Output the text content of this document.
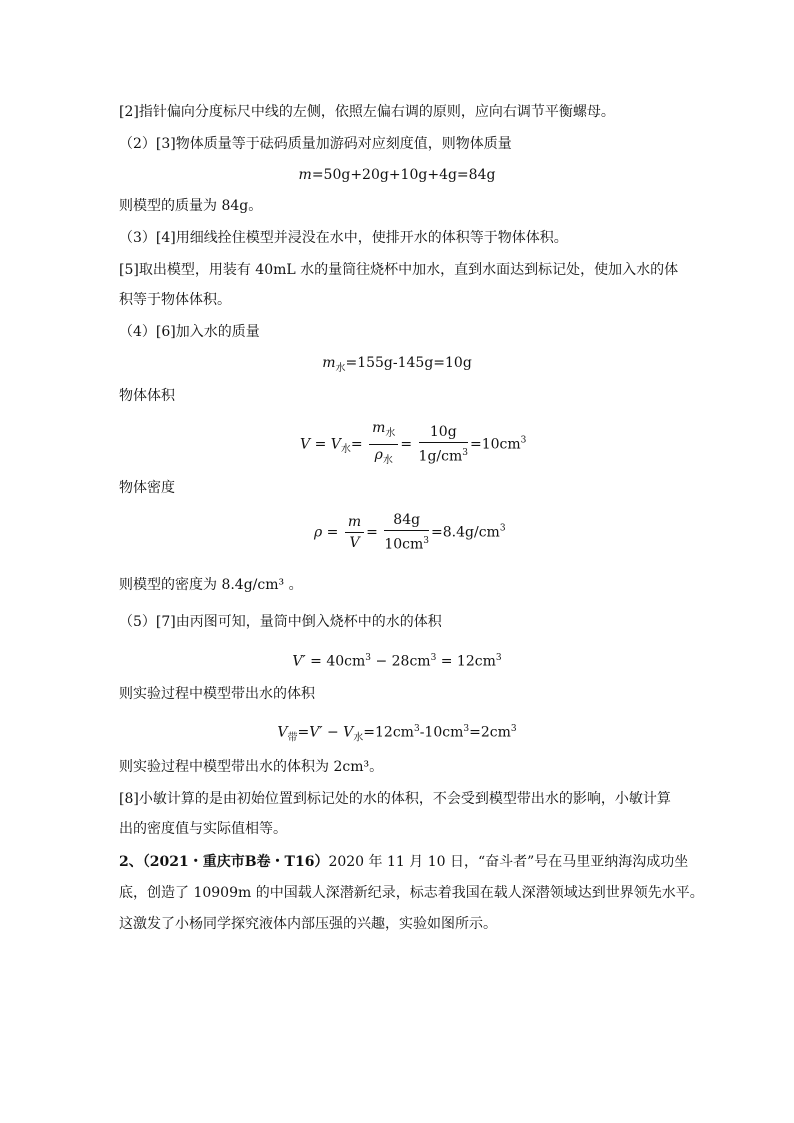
[2]指针偏向分度标尺中线的左侧，依照左偏右调的原则，应向右调节平衡螺母。
（2）[3]物体质量等于砝码质量加游码对应刻度值，则物体质量
m=50g+20g+10g+4g=84g
则模型的质量为 84g。
（3）[4]用细线拴住模型并浸没在水中，使排开水的体积等于物体体积。
[5]取出模型，用装有 40mL 水的量筒往烧杯中加水，直到水面达到标记处，使加入水的体
积等于物体体积。
（4）[6]加入水的质量
$m_水=155g-145g=10g$
物体体积
$V = V_水= \frac{m_水}{\rho_水} = \frac{10g}{1g/cm^3} =10cm^3$
物体密度
$\rho = \frac{m}{V} = \frac{84g}{10cm^3} =8.4g/cm^3$
则模型的密度为 8.4g/cm³ 。
（5）[7]由丙图可知，量筒中倒入烧杯中的水的体积
$V' = 40cm^3 - 28cm^3 = 12cm^3$
则实验过程中模型带出水的体积
$V_带=V' - V_水=12cm^3-10cm^3=2cm^3$
则实验过程中模型带出水的体积为 2cm³。
[8]小敏计算的是由初始位置到标记处的水的体积，不会受到模型带出水的影响，小敏计算
出的密度值与实际值相等。
2、（2021・重庆市B卷・T16）2020 年 11 月 10 日，“奋斗者”号在马里亚纳海沟成功坐
底，创造了 10909m 的中国载人深潜新纪录，标志着我国在载人深潜领域达到世界领先水平。
这激发了小杨同学探究液体内部压强的兴趣，实验如图所示。
